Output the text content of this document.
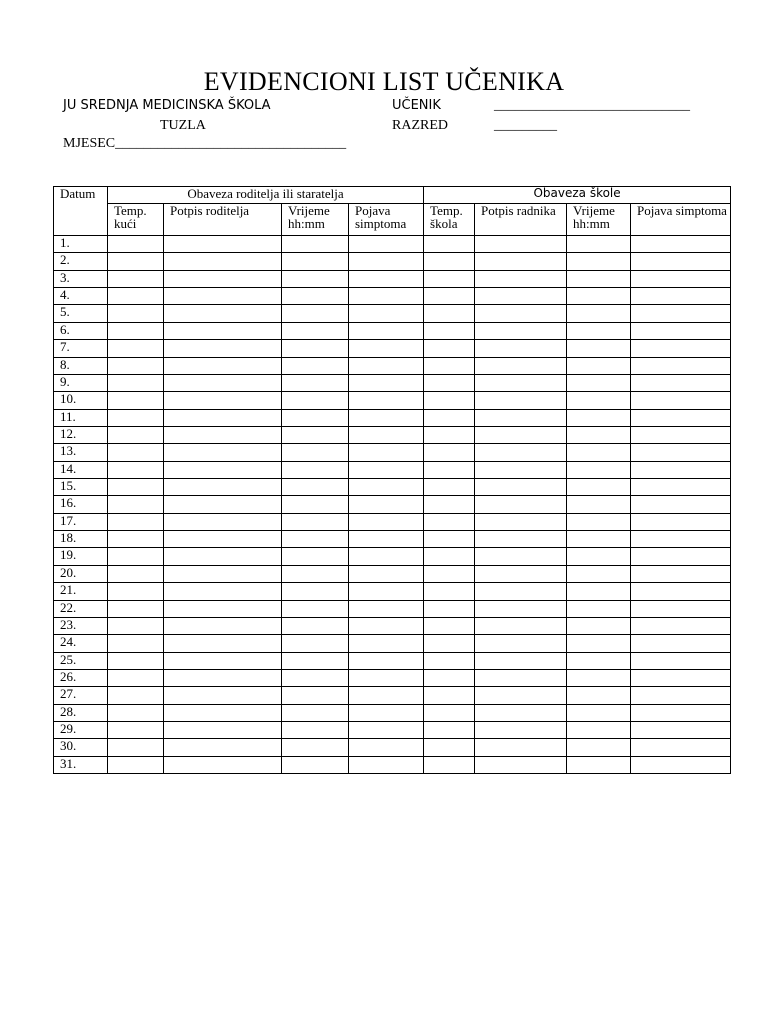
EVIDENCIONI LIST UČENIKA
JU SREDNJA MEDICINSKA ŠKOLA
TUZLA
UČENIK	____________________________
RAZRED	_________
MJESEC_________________________________
Datum	Obaveza roditelja ili staratelja				Obaveza škole			
	Temp. kući	Potpis roditelja	Vrijeme hh:mm	Pojava simptoma	Temp. škola	Potpis radnika	Vrijeme hh:mm	Pojava simptoma
1.								
2.								
3.								
4.								
5.								
6.								
7.								
8.								
9.								
10.								
11.								
12.								
13.								
14.								
15.								
16.								
17.								
18.								
19.								
20.								
21.								
22.								
23.								
24.								
25.								
26.								
27.								
28.								
29.								
30.								
31.								
